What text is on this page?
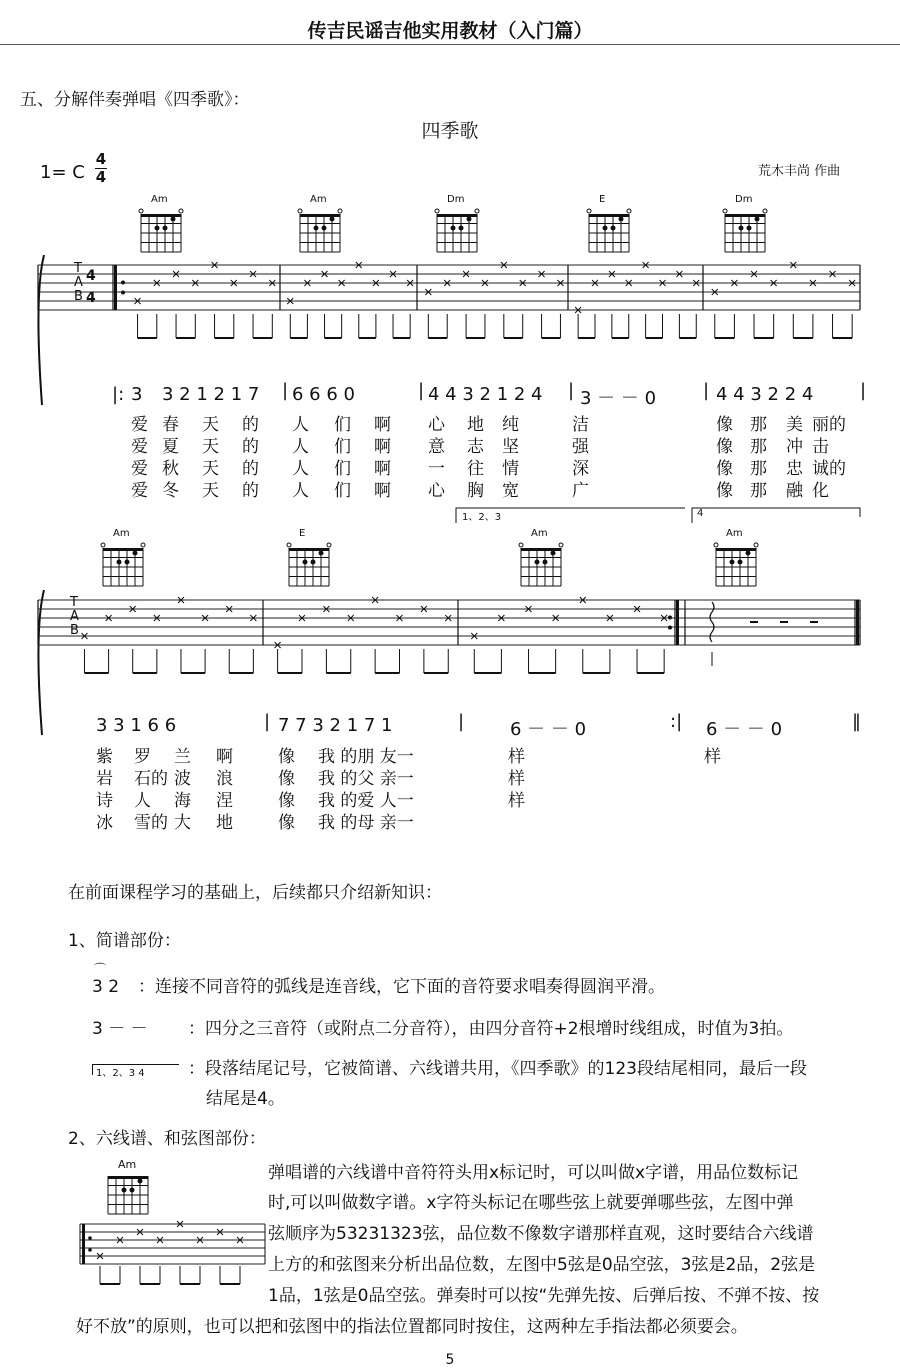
传吉民谣吉他实用教材（入门篇）
五、分解伴奏弹唱《四季歌》：
四季歌
1= C
4
4	荒木丰尚 作曲
Am	Am	Dm	E	Dm
T
A
B
4
4
|: 3 3 2 1 2 1 7 | 6 6 6 0	| 4 4 3 2 1 2 4 | 3 － － 0	| 4 4 3 2 2 4	|
爱 春 天 的 人 们 啊 心 地 纯	洁	像 那 美 丽的
爱 夏 天 的 人 们 啊 意 志 坚	强	像 那 冲 击
爱 秋 天 的 人 们 啊 一 往 情	深	像 那 忠 诚的
爱 冬 天 的 人 们 啊 心 胸 宽	广	像 那 融 化
1、2、3	4
Am	E	Am	Am
T
A
B
3 3 1 6 6	| 7 7 3 2 1 7 1	|	6 － － 0	:| 6 － － 0	‖
紫 罗 兰 啊	像 我 的朋 友一	样	样
岩 石的 波 浪	像 我 的父 亲一	样
诗 人 海 涅	像 我 的爱 人一	样
冰 雪的 大 地	像 我 的母 亲一
在前面课程学习的基础上，后续都只介绍新知识：
1、简谱部份：
⌒
3 2 ：连接不同音符的弧线是连音线，它下面的音符要求唱奏得圆润平滑。
3 － － ：四分之三音符（或附点二分音符），由四分音符+2根增时线组成，时值为3拍。
1、2、3 4	：段落结尾记号，它被简谱、六线谱共用，《四季歌》的123段结尾相同，最后一段
结尾是4。
2、六线谱、和弦图部份：
Am	弹唱谱的六线谱中音符符头用x标记时，可以叫做x字谱，用品位数标记
时,可以叫做数字谱。x字符头标记在哪些弦上就要弹哪些弦，左图中弹
弦顺序为53231323弦，品位数不像数字谱那样直观，这时要结合六线谱
上方的和弦图来分析出品位数，左图中5弦是0品空弦，3弦是2品，2弦是
1品，1弦是0品空弦。弹奏时可以按“先弹先按、后弹后按、不弹不按、按
好不放”的原则，也可以把和弦图中的指法位置都同时按住，这两种左手指法都必须要会。
5
